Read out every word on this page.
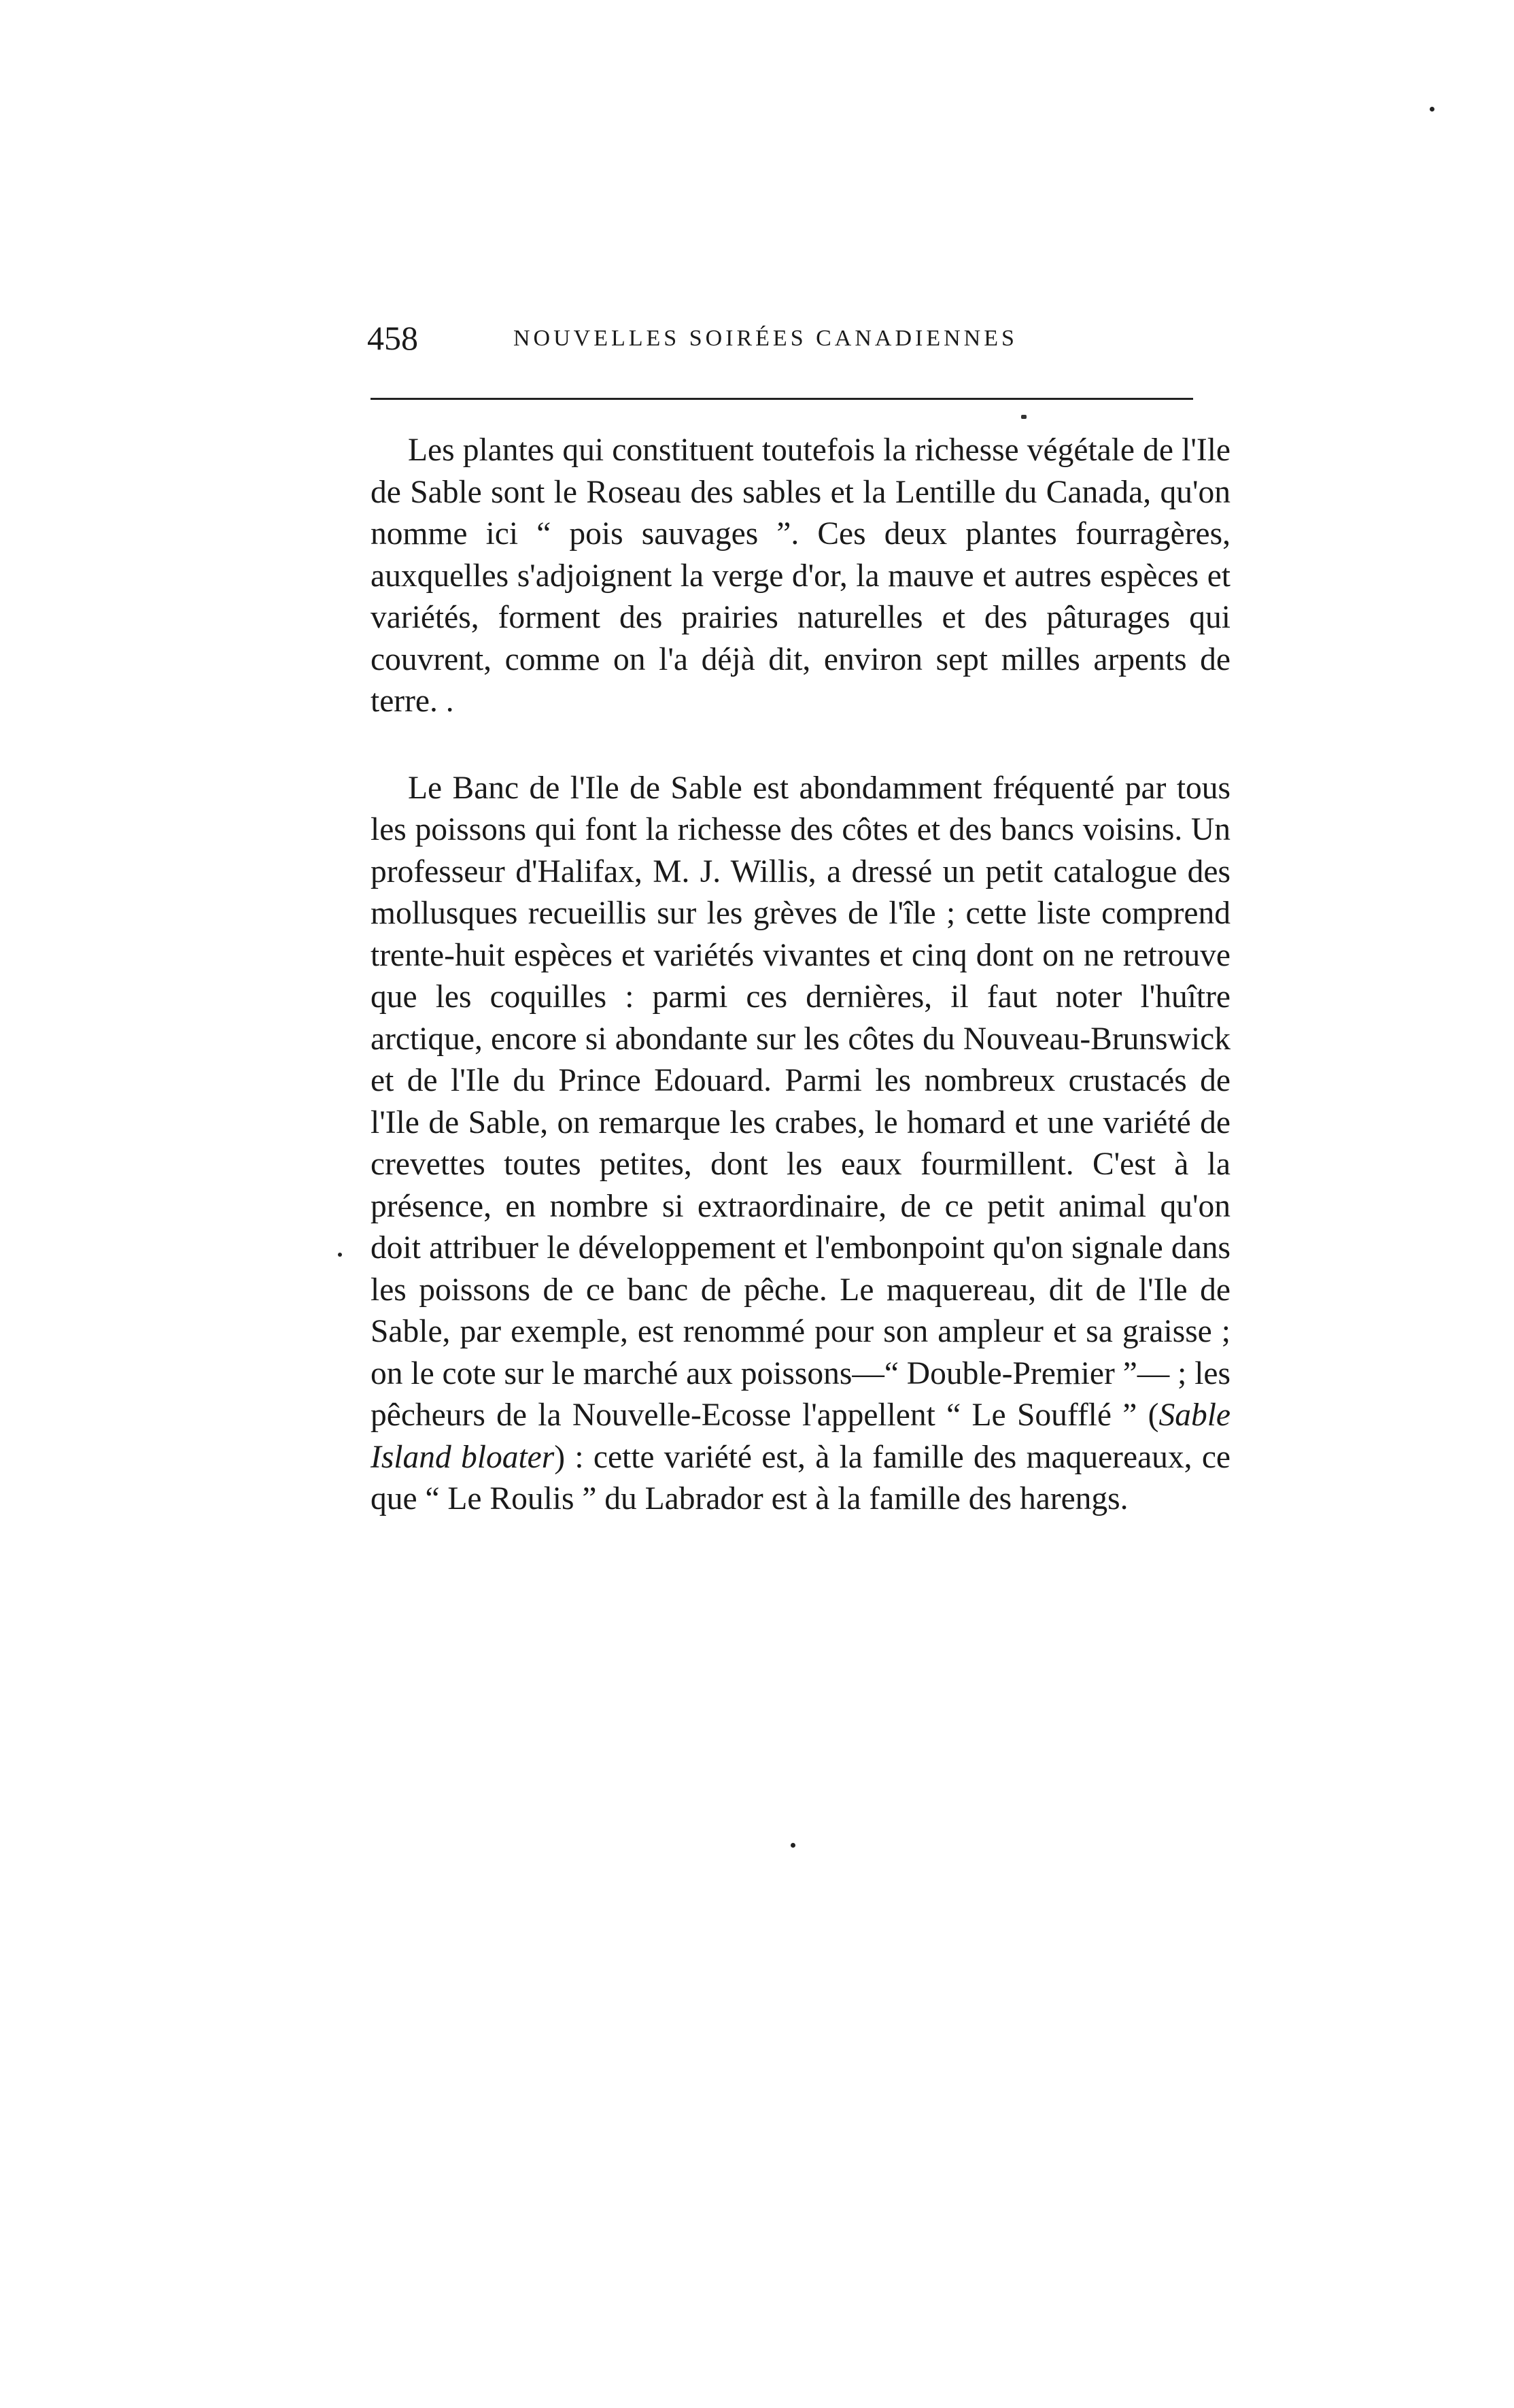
458	NOUVELLES SOIRÉES CANADIENNES

Les plantes qui constituent toutefois la richesse végétale de l'Ile de Sable sont le Roseau des sables et la Lentille du Canada, qu'on nomme ici “ pois sauvages ”. Ces deux plantes fourragères, auxquelles s'adjoignent la verge d'or, la mauve et autres espèces et variétés, forment des prairies naturelles et des pâturages qui couvrent, comme on l'a déjà dit, environ sept milles arpents de terre. .

Le Banc de l'Ile de Sable est abondamment fréquenté par tous les poissons qui font la richesse des côtes et des bancs voisins. Un professeur d'Halifax, M. J. Willis, a dressé un petit catalogue des mollusques recueillis sur les grèves de l'île ; cette liste comprend trente-huit espèces et variétés vivantes et cinq dont on ne retrouve que les coquilles : parmi ces dernières, il faut noter l'huître arctique, encore si abondante sur les côtes du Nouveau-Brunswick et de l'Ile du Prince Edouard. Parmi les nombreux crustacés de l'Ile de Sable, on remarque les crabes, le homard et une variété de crevettes toutes petites, dont les eaux fourmillent. C'est à la présence, en nombre si extraordinaire, de ce petit animal qu'on doit attribuer le développement et l'embonpoint qu'on signale dans les poissons de ce banc de pêche. Le maquereau, dit de l'Ile de Sable, par exemple, est renommé pour son ampleur et sa graisse ; on le cote sur le marché aux poissons—“ Double-Premier ”— ; les pêcheurs de la Nouvelle-Ecosse l'appellent “ Le Soufflé ” (Sable Island bloater) : cette variété est, à la famille des maquereaux, ce que “ Le Roulis ” du Labrador est à la famille des harengs.
